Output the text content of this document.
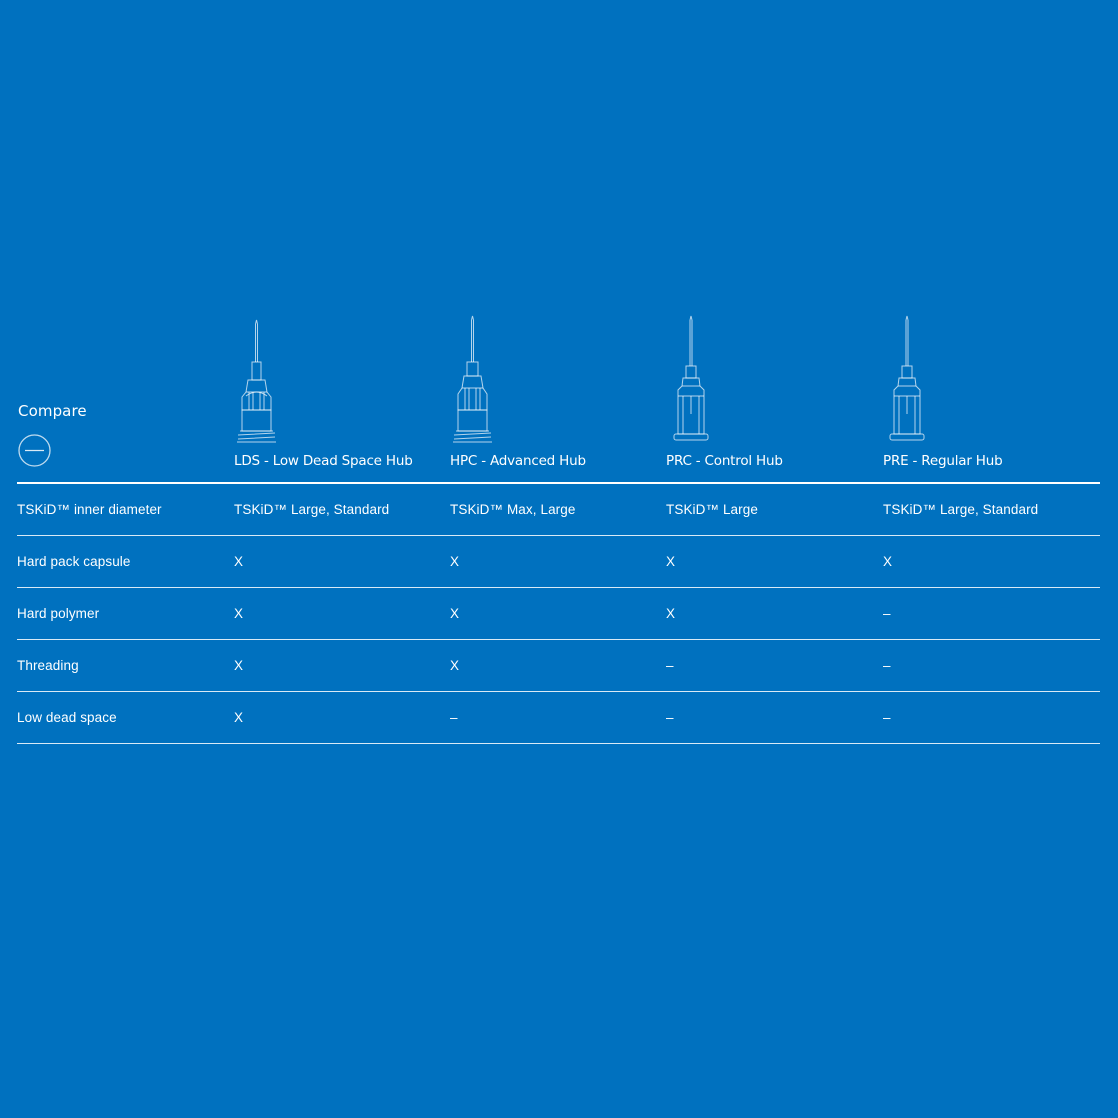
Compare
LDS - Low Dead Space Hub	HPC - Advanced Hub	PRC - Control Hub	PRE - Regular Hub
TSKiD™ inner diameter	TSKiD™ Large, Standard	TSKiD™ Max, Large	TSKiD™ Large	TSKiD™ Large, Standard
Hard pack capsule	X	X	X	X
Hard polymer	X	X	X	–
Threading	X	X	–	–
Low dead space	X	–	–	–
